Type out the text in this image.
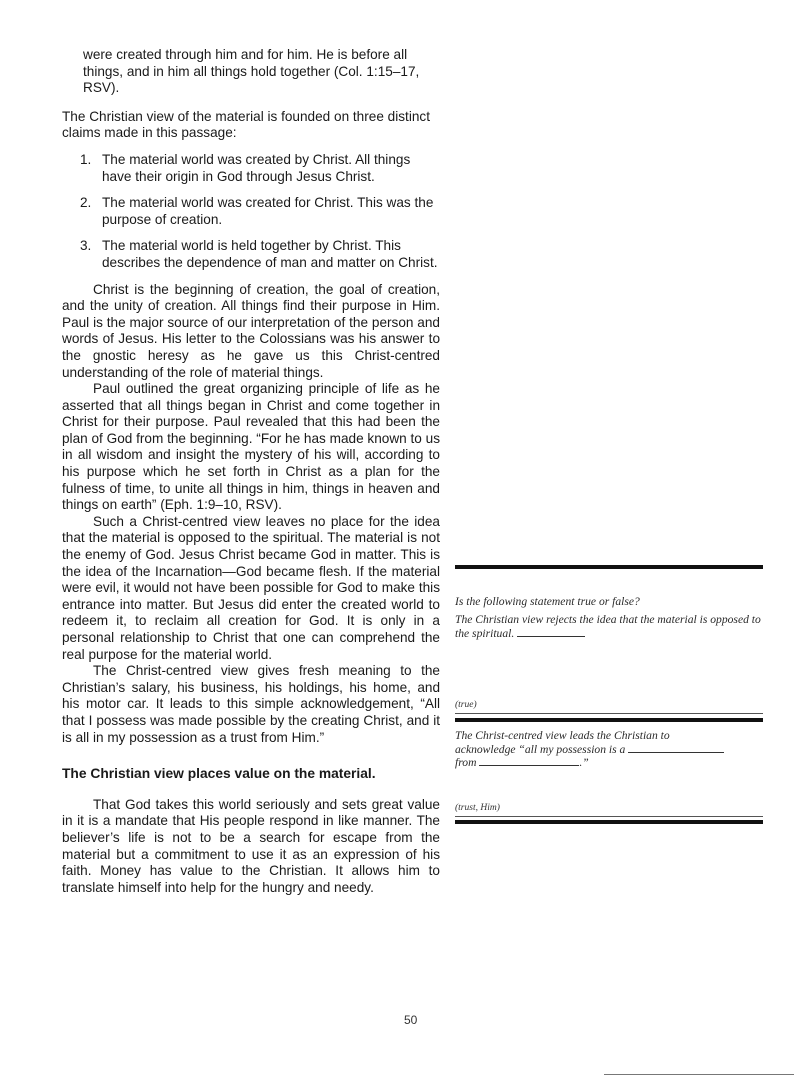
were created through him and for him. He is before all things, and in him all things hold together (Col. 1:15–17, RSV).

The Christian view of the material is founded on three distinct claims made in this passage:

1. The material world was created by Christ. All things have their origin in God through Jesus Christ.
2. The material world was created for Christ. This was the purpose of creation.
3. The material world is held together by Christ. This describes the dependence of man and matter on Christ.

Christ is the beginning of creation, the goal of creation, and the unity of creation. All things find their purpose in Him. Paul is the major source of our interpretation of the person and words of Jesus. His letter to the Colossians was his answer to the gnostic heresy as he gave us this Christ-centred understanding of the role of material things.

Paul outlined the great organizing principle of life as he asserted that all things began in Christ and come together in Christ for their purpose. Paul revealed that this had been the plan of God from the beginning. “For he has made known to us in all wisdom and insight the mystery of his will, according to his purpose which he set forth in Christ as a plan for the fulness of time, to unite all things in him, things in heaven and things on earth” (Eph. 1:9–10, RSV).

Such a Christ-centred view leaves no place for the idea that the material is opposed to the spiritual. The material is not the enemy of God. Jesus Christ became God in matter. This is the idea of the Incarnation—God became flesh. If the material were evil, it would not have been possible for God to make this entrance into matter. But Jesus did enter the created world to redeem it, to reclaim all creation for God. It is only in a personal relationship to Christ that one can comprehend the real purpose for the material world.

The Christ-centred view gives fresh meaning to the Christian’s salary, his business, his holdings, his home, and his motor car. It leads to this simple acknowledgement, “All that I possess was made possible by the creating Christ, and it is all in my possession as a trust from Him.”

The Christian view places value on the material.

That God takes this world seriously and sets great value in it is a mandate that His people respond in like manner. The believer’s life is not to be a search for escape from the material but a commitment to use it as an expression of his faith. Money has value to the Christian. It allows him to translate himself into help for the hungry and needy.

Is the following statement true or false?

The Christian view rejects the idea that the material is opposed to the spiritual.
(true)
The Christ-centred view leads the Christian to
acknowledge “all my possession is a
from	.”
(trust, Him)
50
